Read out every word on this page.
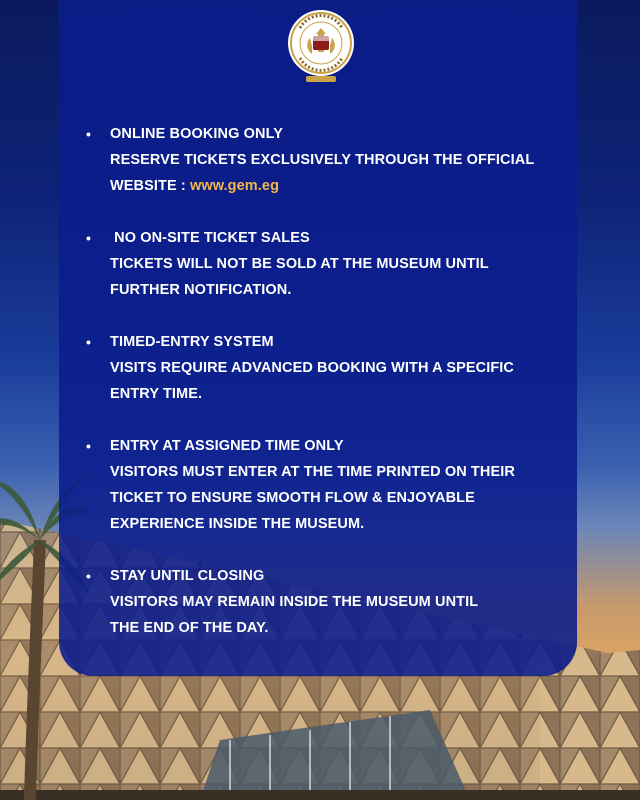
• ONLINE BOOKING ONLY
RESERVE TICKETS EXCLUSIVELY THROUGH THE OFFICIAL
WEBSITE : www.gem.eg
• NO ON-SITE TICKET SALES
TICKETS WILL NOT BE SOLD AT THE MUSEUM UNTIL
FURTHER NOTIFICATION.
• TIMED-ENTRY SYSTEM
VISITS REQUIRE ADVANCED BOOKING WITH A SPECIFIC
ENTRY TIME.
• ENTRY AT ASSIGNED TIME ONLY
VISITORS MUST ENTER AT THE TIME PRINTED ON THEIR
TICKET TO ENSURE SMOOTH FLOW & ENJOYABLE
EXPERIENCE INSIDE THE MUSEUM.
• STAY UNTIL CLOSING
VISITORS MAY REMAIN INSIDE THE MUSEUM UNTIL
THE END OF THE DAY.
